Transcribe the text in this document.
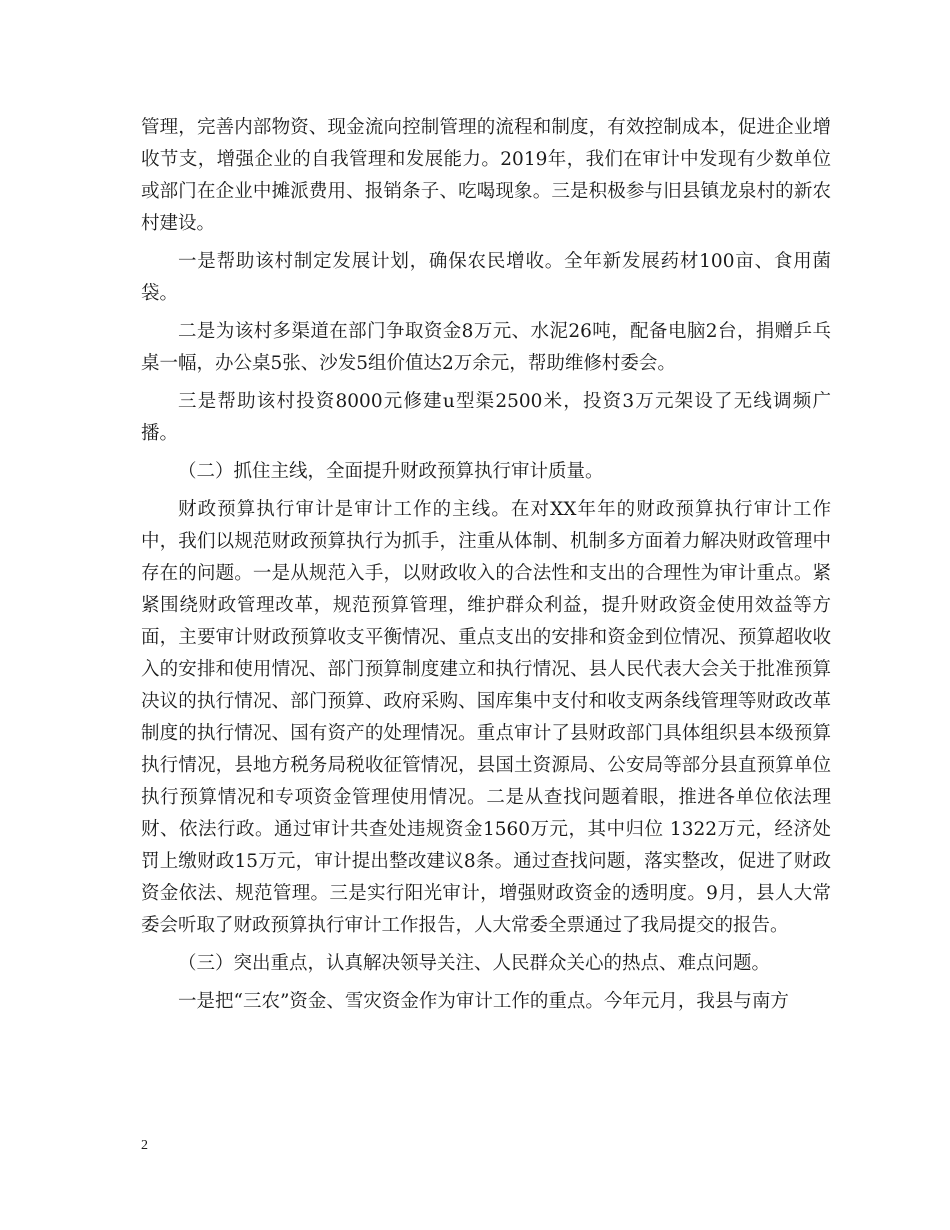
管理，完善内部物资、现金流向控制管理的流程和制度，有效控制成本，促进企业增收节支，增强企业的自我管理和发展能力。2019年，我们在审计中发现有少数单位或部门在企业中摊派费用、报销条子、吃喝现象。三是积极参与旧县镇龙泉村的新农村建设。

一是帮助该村制定发展计划，确保农民增收。全年新发展药材100亩、食用菌袋。

二是为该村多渠道在部门争取资金8万元、水泥26吨，配备电脑2台，捐赠乒乓桌一幅，办公桌5张、沙发5组价值达2万余元，帮助维修村委会。

三是帮助该村投资8000元修建u型渠2500米，投资3万元架设了无线调频广播。

（二）抓住主线，全面提升财政预算执行审计质量。

财政预算执行审计是审计工作的主线。在对XX年年的财政预算执行审计工作中，我们以规范财政预算执行为抓手，注重从体制、机制多方面着力解决财政管理中存在的问题。一是从规范入手，以财政收入的合法性和支出的合理性为审计重点。紧紧围绕财政管理改革，规范预算管理，维护群众利益，提升财政资金使用效益等方面，主要审计财政预算收支平衡情况、重点支出的安排和资金到位情况、预算超收收入的安排和使用情况、部门预算制度建立和执行情况、县人民代表大会关于批准预算决议的执行情况、部门预算、政府采购、国库集中支付和收支两条线管理等财政改革制度的执行情况、国有资产的处理情况。重点审计了县财政部门具体组织县本级预算执行情况，县地方税务局税收征管情况，县国土资源局、公安局等部分县直预算单位执行预算情况和专项资金管理使用情况。二是从查找问题着眼，推进各单位依法理财、依法行政。通过审计共查处违规资金1560万元，其中归位 1322万元，经济处罚上缴财政15万元，审计提出整改建议8条。通过查找问题，落实整改，促进了财政资金依法、规范管理。三是实行阳光审计，增强财政资金的透明度。9月，县人大常委会听取了财政预算执行审计工作报告，人大常委全票通过了我局提交的报告。

（三）突出重点，认真解决领导关注、人民群众关心的热点、难点问题。

一是把“三农”资金、雪灾资金作为审计工作的重点。今年元月，我县与南方

2
